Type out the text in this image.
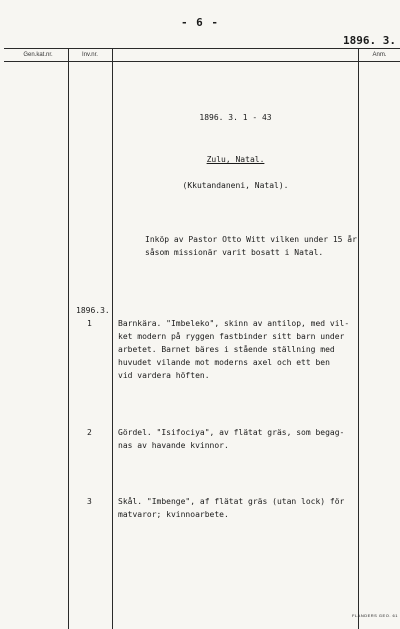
- 6 -
1896. 3.
Gen.kat.nr.	Inv.nr.	Anm.
1896. 3. 1 - 43
Zulu, Natal.
(Kkutandaneni, Natal).
Inköp av Pastor Otto Witt vilken under 15 år
såsom missionär varit bosatt i Natal.
1896.3.
1	Barnkära. "Imbeleko", skinn av antilop, med vil-
ket modern på ryggen fastbinder sitt barn under
arbetet. Barnet bäres i stående ställning med
huvudet vilande mot moderns axel och ett ben
vid vardera höften.
2	Gördel. "Isifociya", av flätat gräs, som begag-
nas av havande kvinnor.
3	Skål. "Imbenge", af flätat gräs (utan lock) för
matvaror; kvinnoarbete.
FLANDERS GEO. 61
